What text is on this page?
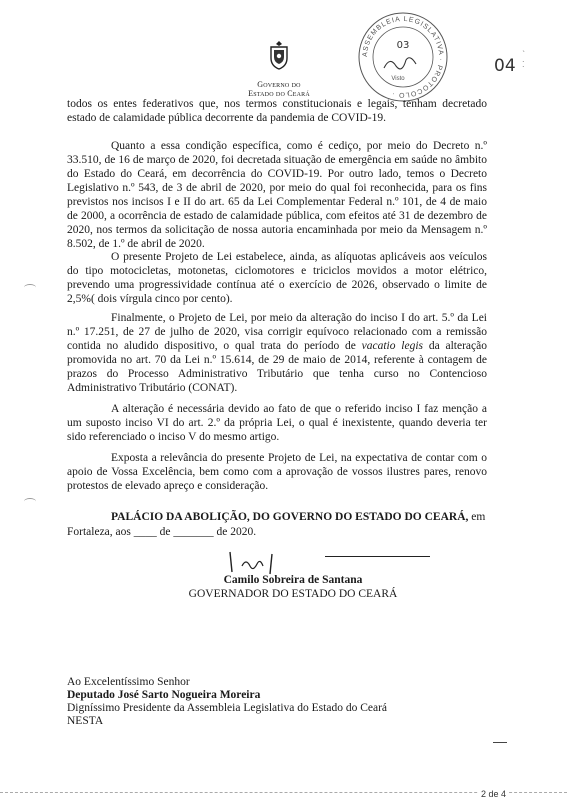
Governo do
Estado do Ceará
ASSEMBLEIA LEGISLATIVA · PROTOCOLO ·
03
Visto
04
ˋ
⁚
todos os entes federativos que, nos termos constitucionais e legais, tenham decretado estado de calamidade pública decorrente da pandemia de COVID-19.
Quanto a essa condição específica, como é cediço, por meio do Decreto n.º 33.510, de 16 de março de 2020, foi decretada situação de emergência em saúde no âmbito do Estado do Ceará, em decorrência do COVID-19. Por outro lado, temos o Decreto Legislativo n.º 543, de 3 de abril de 2020, por meio do qual foi reconhecida, para os fins previstos nos incisos I e II do art. 65 da Lei Complementar Federal n.º 101, de 4 de maio de 2000, a ocorrência de estado de calamidade pública, com efeitos até 31 de dezembro de 2020, nos termos da solicitação de nossa autoria encaminhada por meio da Mensagem n.º 8.502, de 1.º de abril de 2020.
O presente Projeto de Lei estabelece, ainda, as alíquotas aplicáveis aos veículos do tipo motocicletas, motonetas, ciclomotores e triciclos movidos a motor elétrico, prevendo uma progressividade contínua até o exercício de 2026, observado o limite de 2,5%( dois vírgula cinco por cento).
Finalmente, o Projeto de Lei, por meio da alteração do inciso I do art. 5.º da Lei n.º 17.251, de 27 de julho de 2020, visa corrigir equívoco relacionado com a remissão contida no aludido dispositivo, o qual trata do período de vacatio legis da alteração promovida no art. 70 da Lei n.º 15.614, de 29 de maio de 2014, referente à contagem de prazos do Processo Administrativo Tributário que tenha curso no Contencioso Administrativo Tributário (CONAT).
A alteração é necessária devido ao fato de que o referido inciso I faz menção a um suposto inciso VI do art. 2.º da própria Lei, o qual é inexistente, quando deveria ter sido referenciado o inciso V do mesmo artigo.
Exposta a relevância do presente Projeto de Lei, na expectativa de contar com o apoio de Vossa Excelência, bem como com a aprovação de vossos ilustres pares, renovo protestos de elevado apreço e consideração.
PALÁCIO DA ABOLIÇÃO, DO GOVERNO DO ESTADO DO CEARÁ, em
Fortaleza, aos ____ de _______ de 2020.
Camilo Sobreira de Santana
GOVERNADOR DO ESTADO DO CEARÁ
Ao Excelentíssimo Senhor
Deputado José Sarto Nogueira Moreira
Digníssimo Presidente da Assembleia Legislativa do Estado do Ceará
NESTA
2 de 4
